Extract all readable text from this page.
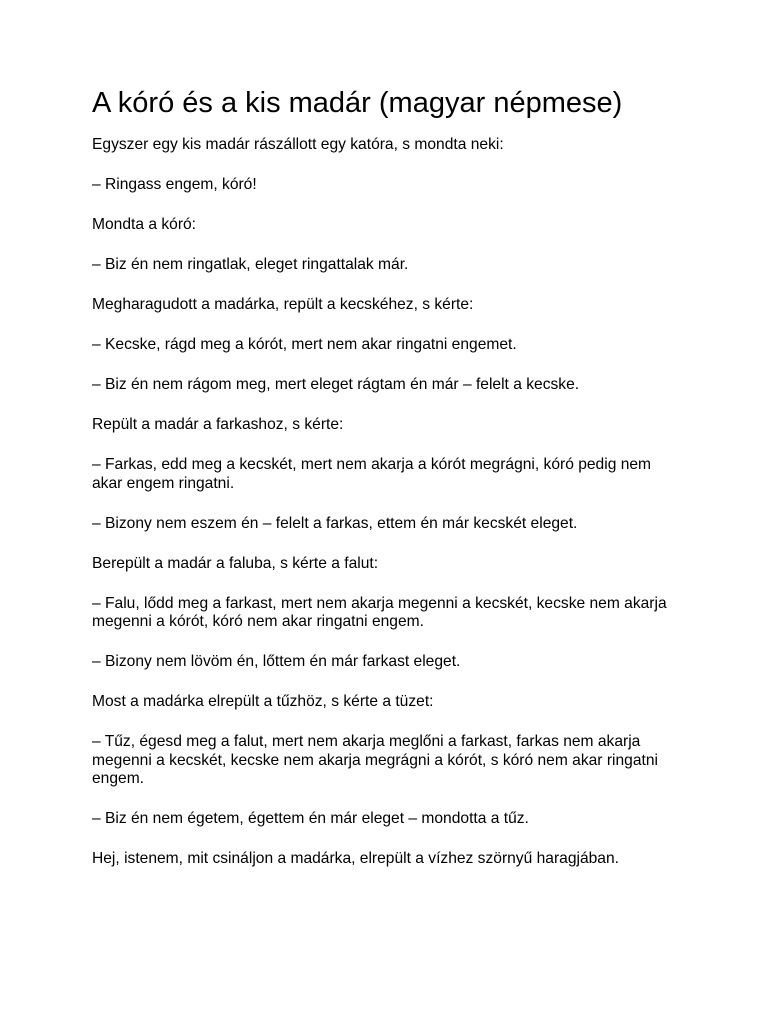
A kóró és a kis madár (magyar népmese)

Egyszer egy kis madár rászállott egy katóra, s mondta neki:

– Ringass engem, kóró!

Mondta a kóró:

– Biz én nem ringatlak, eleget ringattalak már.

Megharagudott a madárka, repült a kecskéhez, s kérte:

– Kecske, rágd meg a kórót, mert nem akar ringatni engemet.

– Biz én nem rágom meg, mert eleget rágtam én már – felelt a kecske.

Repült a madár a farkashoz, s kérte:

– Farkas, edd meg a kecskét, mert nem akarja a kórót megrágni, kóró pedig nem akar engem ringatni.

– Bizony nem eszem én – felelt a farkas, ettem én már kecskét eleget.

Berepült a madár a faluba, s kérte a falut:

– Falu, lődd meg a farkast, mert nem akarja megenni a kecskét, kecske nem akarja megenni a kórót, kóró nem akar ringatni engem.

– Bizony nem lövöm én, lőttem én már farkast eleget.

Most a madárka elrepült a tűzhöz, s kérte a tüzet:

– Tűz, égesd meg a falut, mert nem akarja meglőni a farkast, farkas nem akarja megenni a kecskét, kecske nem akarja megrágni a kórót, s kóró nem akar ringatni engem.

– Biz én nem égetem, égettem én már eleget – mondotta a tűz.

Hej, istenem, mit csináljon a madárka, elrepült a vízhez szörnyű haragjában.
